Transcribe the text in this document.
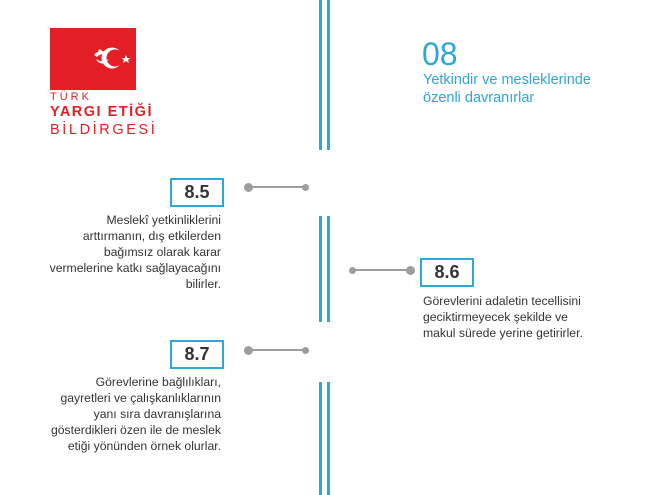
TÜRK
YARGI ETİĞİ
BİLDİRGESİ
08
Yetkindir ve mesleklerinde özenli davranırlar
8.5
Meslekî yetkinliklerini
arttırmanın, dış etkilerden
bağımsız olarak karar
vermelerine katkı sağlayacağını
bilirler.
8.6
Görevlerini adaletin tecellisini
geciktirmeyecek şekilde ve
makul sürede yerine getirirler.
8.7
Görevlerine bağlılıkları,
gayretleri ve çalışkanlıklarının
yanı sıra davranışlarına
gösterdikleri özen ile de meslek
etiği yönünden örnek olurlar.
